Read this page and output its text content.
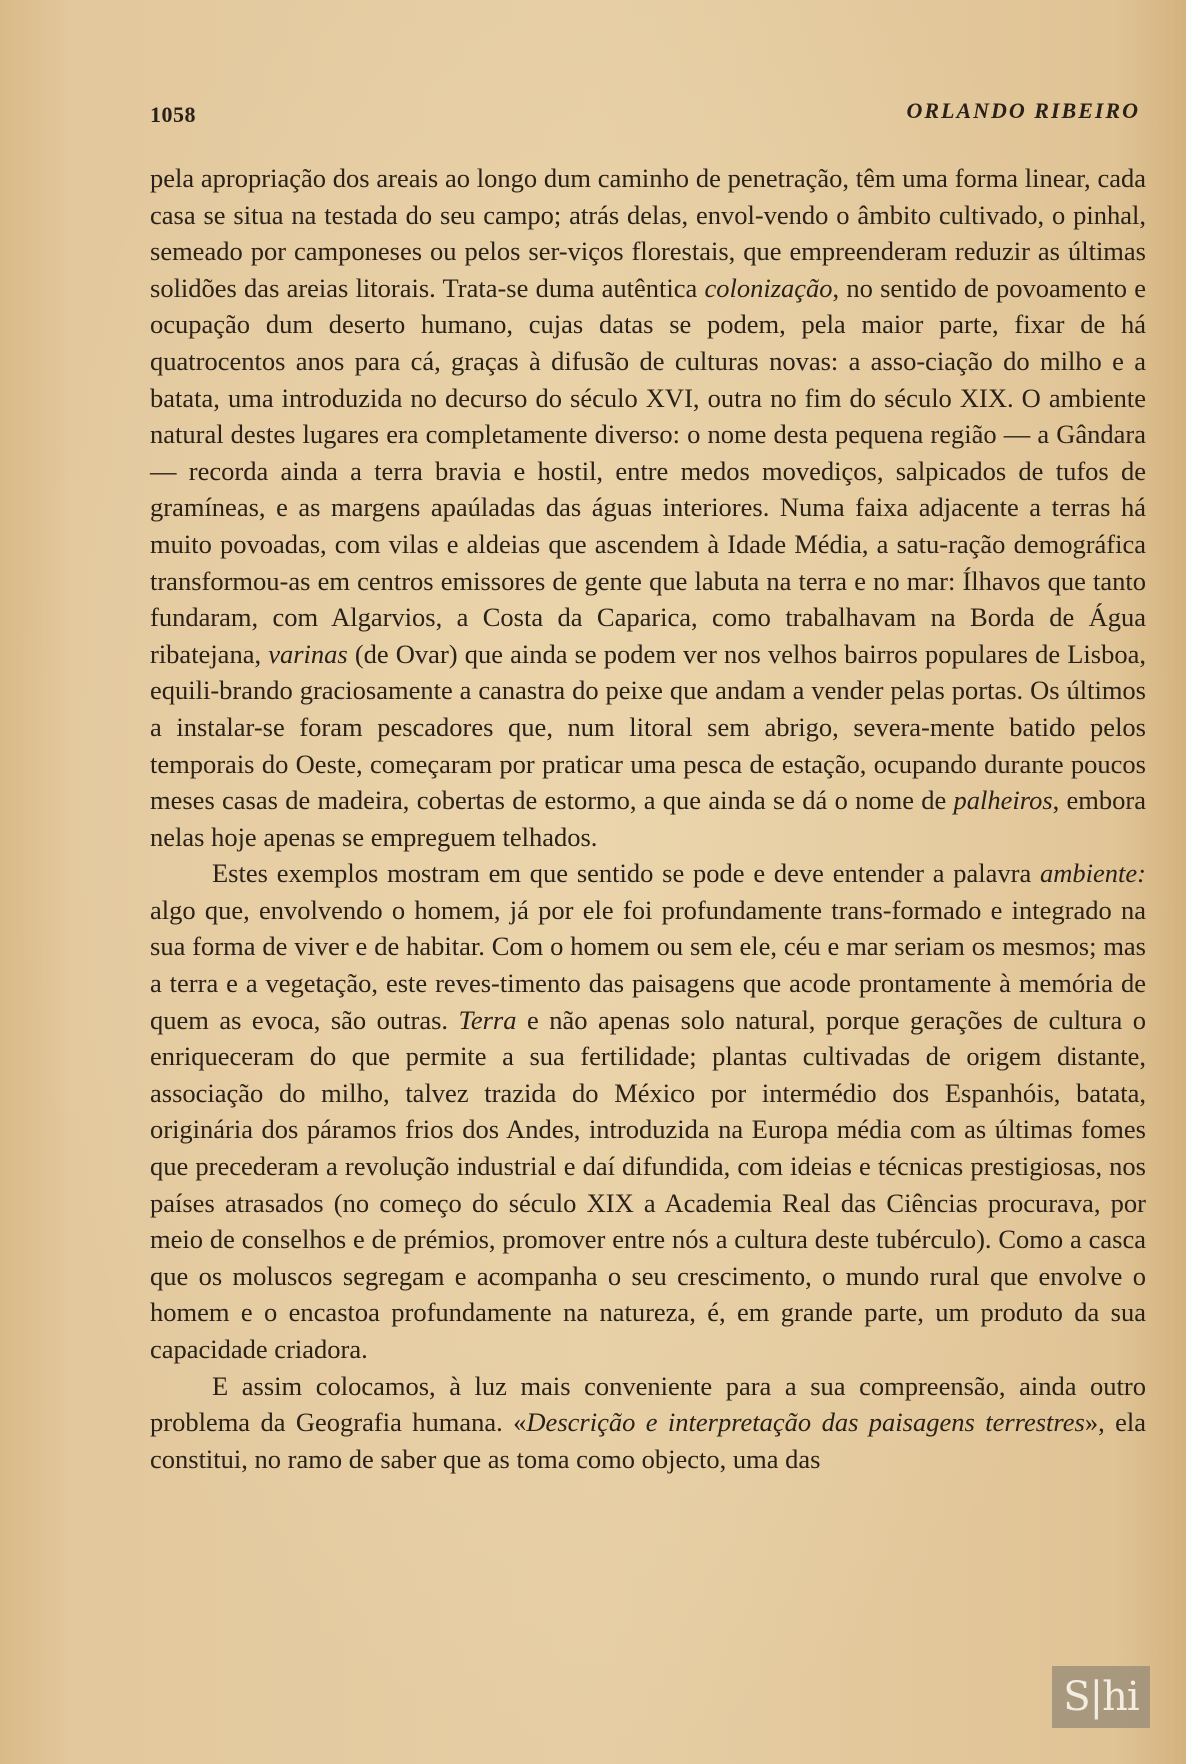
1058	ORLANDO RIBEIRO

pela apropriação dos areais ao longo dum caminho de penetração, têm uma forma linear, cada casa se situa na testada do seu campo; atrás delas, envol-vendo o âmbito cultivado, o pinhal, semeado por camponeses ou pelos ser-viços florestais, que empreenderam reduzir as últimas solidões das areias litorais. Trata-se duma autêntica colonização, no sentido de povoamento e ocupação dum deserto humano, cujas datas se podem, pela maior parte, fixar de há quatrocentos anos para cá, graças à difusão de culturas novas: a asso-ciação do milho e a batata, uma introduzida no decurso do século XVI, outra no fim do século XIX. O ambiente natural destes lugares era completamente diverso: o nome desta pequena região — a Gândara — recorda ainda a terra bravia e hostil, entre medos movediços, salpicados de tufos de gramíneas, e as margens apaúladas das águas interiores. Numa faixa adjacente a terras há muito povoadas, com vilas e aldeias que ascendem à Idade Média, a satu-ração demográfica transformou-as em centros emissores de gente que labuta na terra e no mar: Ílhavos que tanto fundaram, com Algarvios, a Costa da Caparica, como trabalhavam na Borda de Água ribatejana, varinas (de Ovar) que ainda se podem ver nos velhos bairros populares de Lisboa, equili-brando graciosamente a canastra do peixe que andam a vender pelas portas. Os últimos a instalar-se foram pescadores que, num litoral sem abrigo, severa-mente batido pelos temporais do Oeste, começaram por praticar uma pesca de estação, ocupando durante poucos meses casas de madeira, cobertas de estormo, a que ainda se dá o nome de palheiros, embora nelas hoje apenas se empreguem telhados.

Estes exemplos mostram em que sentido se pode e deve entender a palavra ambiente: algo que, envolvendo o homem, já por ele foi profundamente trans-formado e integrado na sua forma de viver e de habitar. Com o homem ou sem ele, céu e mar seriam os mesmos; mas a terra e a vegetação, este reves-timento das paisagens que acode prontamente à memória de quem as evoca, são outras. Terra e não apenas solo natural, porque gerações de cultura o enriqueceram do que permite a sua fertilidade; plantas cultivadas de origem distante, associação do milho, talvez trazida do México por intermédio dos Espanhóis, batata, originária dos páramos frios dos Andes, introduzida na Europa média com as últimas fomes que precederam a revolução industrial e daí difundida, com ideias e técnicas prestigiosas, nos países atrasados (no começo do século XIX a Academia Real das Ciências procurava, por meio de conselhos e de prémios, promover entre nós a cultura deste tubérculo). Como a casca que os moluscos segregam e acompanha o seu crescimento, o mundo rural que envolve o homem e o encastoa profundamente na natureza, é, em grande parte, um produto da sua capacidade criadora.

E assim colocamos, à luz mais conveniente para a sua compreensão, ainda outro problema da Geografia humana. «Descrição e interpretação das paisagens terrestres», ela constitui, no ramo de saber que as toma como objecto, uma das

S|hi
